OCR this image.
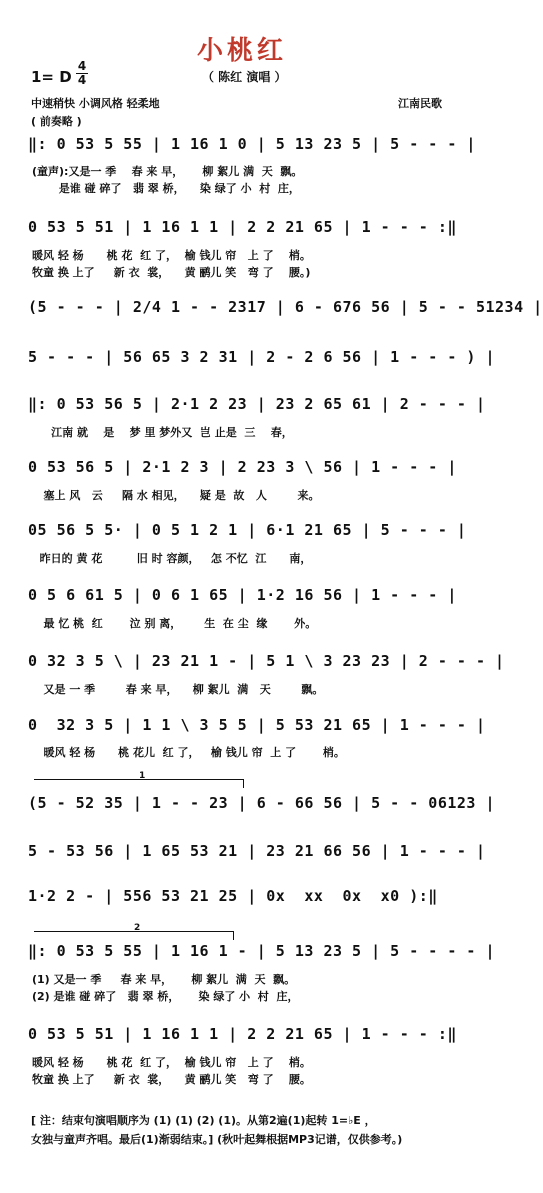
小桃红
1= D
4
4	（ 陈红 演唱 ）
中速稍快 小调风格 轻柔地	江南民歌
( 前奏略 )
‖: 0 53 5 55 | 1 16 1 0 | 5 13 23 5 | 5 - - - |
(童声):又是一 季    春 来 早，     柳 絮儿 满  天  飘。
是谁 碰 碎了   翡 翠 桥，    染 绿了 小  村  庄，
0 53 5 51 | 1 16 1 1 | 2 2 21 65 | 1 - - - :‖
暖风 轻 杨      桃 花  红 了，  榆 钱儿 帘   上 了    梢。
牧童 换 上了     新 衣  裳，    黄 鹂儿 笑   弯 了    腰。)
(5 - - - | 2/4 1 - - 2317 | 6 - 676 56 | 5 - - 51234 |
5 - - - | 56 65 3 2 31 | 2 - 2 6 56 | 1 - - - ) |
‖: 0 53 56 5 | 2·1 2 23 | 23 2 65 61 | 2 - - - |
江南 就    是    梦 里 梦外又  岂 止是  三    春，
0 53 56 5 | 2·1 2 3 | 2 23 3 \ 56 | 1 - - - |
塞上 风   云     隔 水 相见，    疑 是  故   人        来。
05 56 5 5· | 0 5 1 2 1 | 6·1 21 65 | 5 - - - |
昨日的 黄 花         旧 时 容颜，   怎 不忆  江      南，
0 5 6 61 5 | 0 6 1 65 | 1·2 16 56 | 1 - - - |
最 忆 桃  红       泣 别 离，      生  在 尘  缘       外。
0 32 3 5 \ | 23 21 1 - | 5 1 \ 3 23 23 | 2 - - - |
又是 一 季        春 来 早，    柳 絮儿  满   天        飘。
0  32 3 5 | 1 1 \ 3 5 5 | 5 53 21 65 | 1 - - - |
暖风 轻 杨      桃 花儿  红 了，   榆 钱儿 帘  上 了       梢。
1
(5 - 52 35 | 1 - - 23 | 6 - 66 56 | 5 - - 06123 |
5 - 53 56 | 1 65 53 21 | 23 21 66 56 | 1 - - - |
1·2 2 - | 556 53 21 25 | 0x  xx  0x  x0 ):‖
2
‖: 0 53 5 55 | 1 16 1 - | 5 13 23 5 | 5 - - - - |
(1) 又是一 季     春 来 早，     柳 絮儿  满  天  飘。
(2) 是谁 碰 碎了   翡 翠 桥，     染 绿了 小  村  庄，
0 53 5 51 | 1 16 1 1 | 2 2 21 65 | 1 - - - :‖
暖风 轻 杨      桃 花  红 了，  榆 钱儿 帘   上 了    梢。
牧童 换 上了     新 衣  裳，    黄 鹂儿 笑   弯 了    腰。
[ 注：结束句演唱顺序为 (1) (1) (2) (1)。从第2遍(1)起转 1=♭E ，
女独与童声齐唱。最后(1)渐弱结束。] (秋叶起舞根据MP3记谱，仅供参考。)
